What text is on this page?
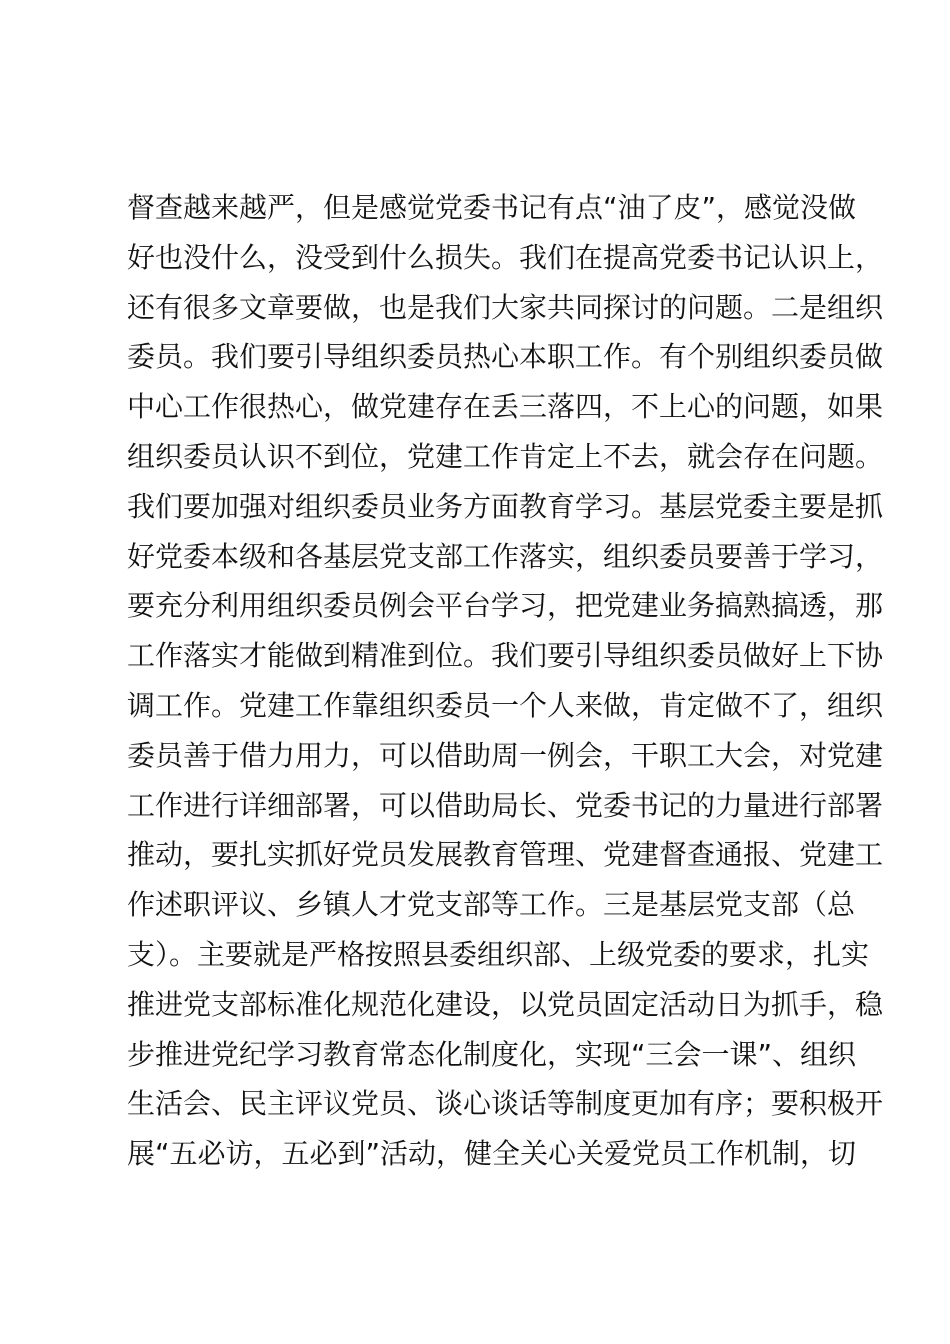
督查越来越严，但是感觉党委书记有点“油了皮”，感觉没做
好也没什么，没受到什么损失。我们在提高党委书记认识上，
还有很多文章要做，也是我们大家共同探讨的问题。二是组织
委员。我们要引导组织委员热心本职工作。有个别组织委员做
中心工作很热心，做党建存在丢三落四，不上心的问题，如果
组织委员认识不到位，党建工作肯定上不去，就会存在问题。
我们要加强对组织委员业务方面教育学习。基层党委主要是抓
好党委本级和各基层党支部工作落实，组织委员要善于学习，
要充分利用组织委员例会平台学习，把党建业务搞熟搞透，那
工作落实才能做到精准到位。我们要引导组织委员做好上下协
调工作。党建工作靠组织委员一个人来做，肯定做不了，组织
委员善于借力用力，可以借助周一例会，干职工大会，对党建
工作进行详细部署，可以借助局长、党委书记的力量进行部署
推动，要扎实抓好党员发展教育管理、党建督查通报、党建工
作述职评议、乡镇人才党支部等工作。三是基层党支部（总
支）。主要就是严格按照县委组织部、上级党委的要求，扎实
推进党支部标准化规范化建设，以党员固定活动日为抓手，稳
步推进党纪学习教育常态化制度化，实现“三会一课”、组织
生活会、民主评议党员、谈心谈话等制度更加有序；要积极开
展“五必访，五必到”活动，健全关心关爱党员工作机制，切
